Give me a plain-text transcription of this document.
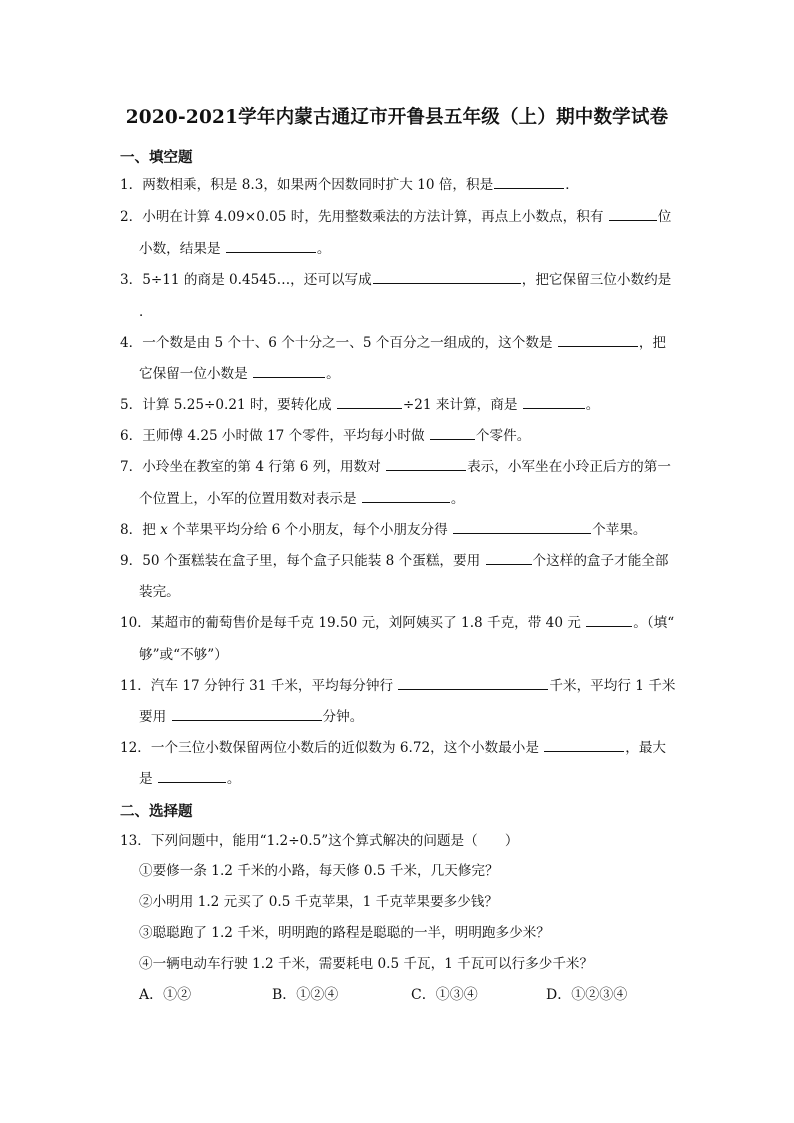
2020-2021学年内蒙古通辽市开鲁县五年级（上）期中数学试卷
一、填空题
1．两数相乘，积是 8.3，如果两个因数同时扩大 10 倍，积是	．
2．小明在计算 4.09×0.05 时，先用整数乘法的方法计算，再点上小数点，积有	位
小数，结果是	。
3．5÷11 的商是 0.4545…，还可以写成	，把它保留三位小数约是
．
4．一个数是由 5 个十、6 个十分之一、5 个百分之一组成的，这个数是	，把
它保留一位小数是	。
5．计算 5.25÷0.21 时，要转化成	÷21 来计算，商是	。
6．王师傅 4.25 小时做 17 个零件，平均每小时做	个零件。
7．小玲坐在教室的第 4 行第 6 列，用数对	表示，小军坐在小玲正后方的第一
个位置上，小军的位置用数对表示是	。
8．把 x 个苹果平均分给 6 个小朋友，每个小朋友分得	个苹果。
9．50 个蛋糕装在盒子里，每个盒子只能装 8 个蛋糕，要用	个这样的盒子才能全部
装完。
10．某超市的葡萄售价是每千克 19.50 元，刘阿姨买了 1.8 千克，带 40 元	。（填“
够”或“不够”）
11．汽车 17 分钟行 31 千米，平均每分钟行	千米，平均行 1 千米
要用	分钟。
12．一个三位小数保留两位小数后的近似数为 6.72，这个小数最小是	，最大
是	。
二、选择题
13．下列问题中，能用“1.2÷0.5”这个算式解决的问题是（　　）
①要修一条 1.2 千米的小路，每天修 0.5 千米，几天修完？
②小明用 1.2 元买了 0.5 千克苹果，1 千克苹果要多少钱？
③聪聪跑了 1.2 千米，明明跑的路程是聪聪的一半，明明跑多少米？
④一辆电动车行驶 1.2 千米，需要耗电 0.5 千瓦，1 千瓦可以行多少千米？
A．①②	B．①②④	C．①③④	D．①②③④
